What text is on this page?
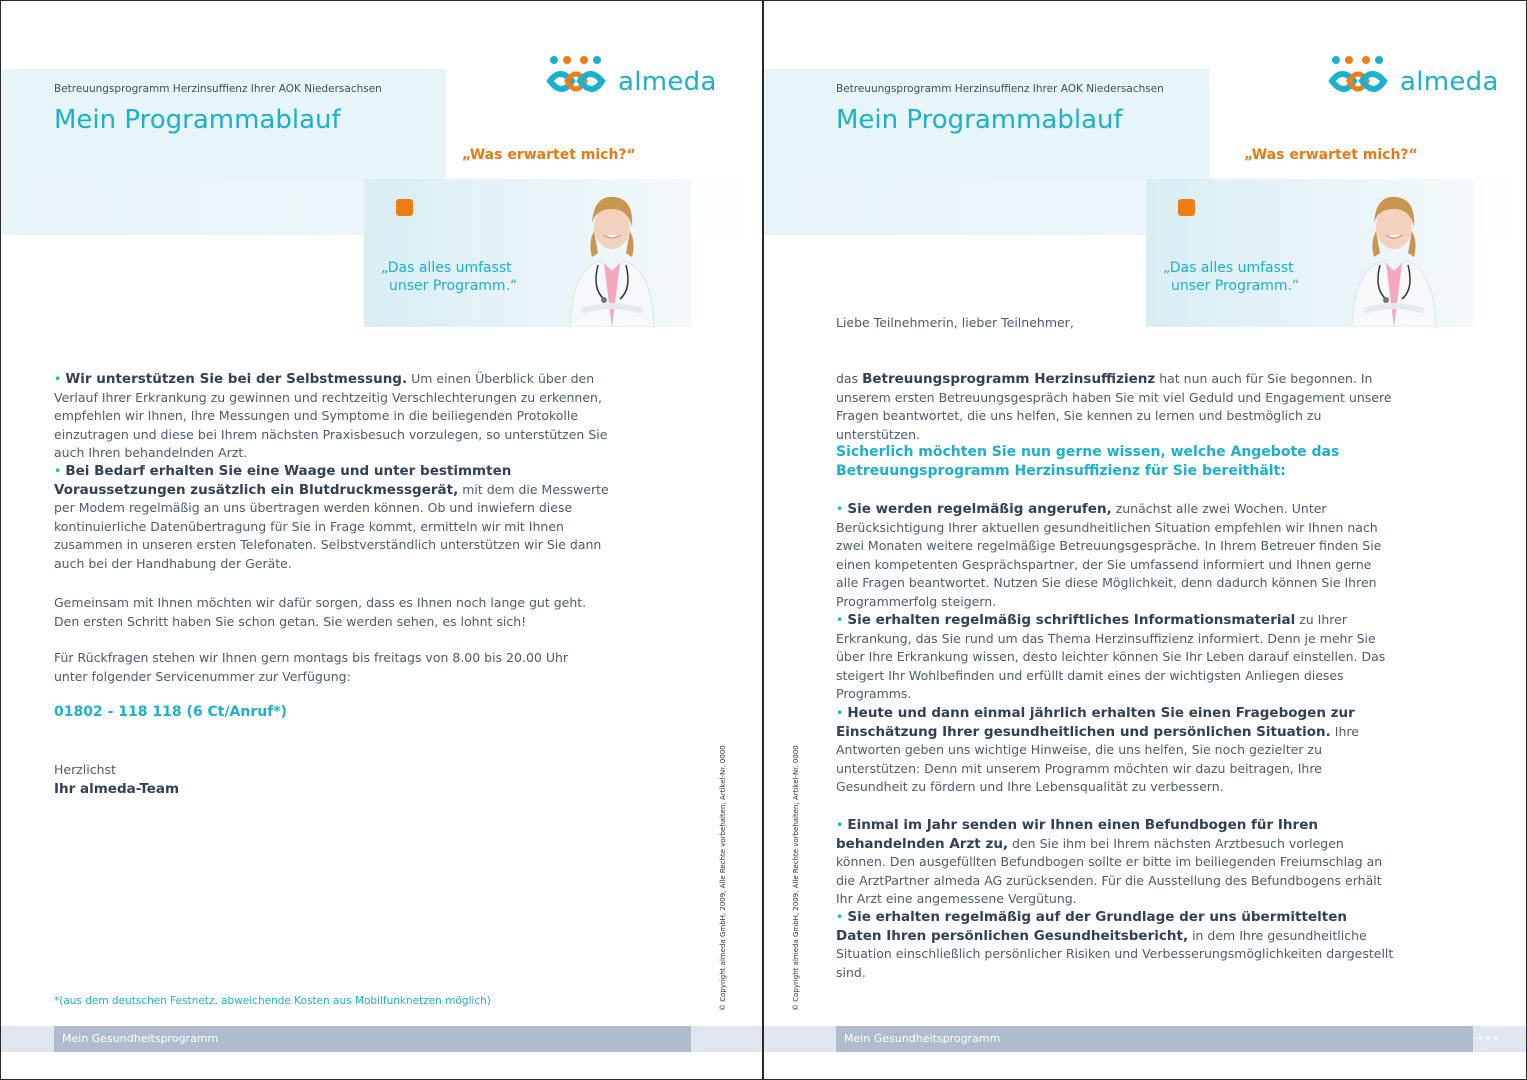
Betreuungsprogramm Herzinsuffienz Ihrer AOK Niedersachsen
Mein Programmablauf
almeda
„Was erwartet mich?“
„Das alles umfasst
unser Programm.“
• Wir unterstützen Sie bei der Selbstmessung. Um einen Überblick über den Verlauf Ihrer Erkrankung zu gewinnen und rechtzeitig Verschlechterungen zu erkennen, empfehlen wir Ihnen, Ihre Messungen und Symptome in die beiliegenden Protokolle einzutragen und diese bei Ihrem nächsten Praxisbesuch vorzulegen, so unterstützen Sie auch Ihren behandelnden Arzt.
• Bei Bedarf erhalten Sie eine Waage und unter bestimmten Voraussetzungen zusätzlich ein Blutdruckmessgerät, mit dem die Messwerte per Modem regelmäßig an uns übertragen werden können. Ob und inwiefern diese kontinuierliche Datenübertragung für Sie in Frage kommt, ermitteln wir mit Ihnen zusammen in unseren ersten Telefonaten. Selbstverständlich unterstützen wir Sie dann auch bei der Handhabung der Geräte.
Gemeinsam mit Ihnen möchten wir dafür sorgen, dass es Ihnen noch lange gut geht.
Den ersten Schritt haben Sie schon getan. Sie werden sehen, es lohnt sich!
Für Rückfragen stehen wir Ihnen gern montags bis freitags von 8.00 bis 20.00 Uhr
unter folgender Servicenummer zur Verfügung:
01802 - 118 118 (6 Ct/Anruf*)
Herzlichst
Ihr almeda-Team
*(aus dem deutschen Festnetz, abweichende Kosten aus Mobilfunknetzen möglich)	© Copyright almeda GmbH, 2009, Alle Rechte vorbehalten; Artikel-Nr. 0000
Mein Gesundheitsprogramm
Betreuungsprogramm Herzinsuffienz Ihrer AOK Niedersachsen
Mein Programmablauf
almeda
„Was erwartet mich?“
„Das alles umfasst
unser Programm.“
Liebe Teilnehmerin, lieber Teilnehmer,
das Betreuungsprogramm Herzinsuffizienz hat nun auch für Sie begonnen. In unserem ersten Betreuungsgespräch haben Sie mit viel Geduld und Engagement unsere Fragen beantwortet, die uns helfen, Sie kennen zu lernen und bestmöglich zu unterstützen.
Sicherlich möchten Sie nun gerne wissen, welche Angebote das Betreuungsprogramm Herzinsuffizienz für Sie bereithält:
• Sie werden regelmäßig angerufen, zunächst alle zwei Wochen. Unter Berücksichtigung Ihrer aktuellen gesundheitlichen Situation empfehlen wir Ihnen nach zwei Monaten weitere regelmäßige Betreuungsgespräche. In Ihrem Betreuer finden Sie einen kompetenten Gesprächspartner, der Sie umfassend informiert und Ihnen gerne alle Fragen beantwortet. Nutzen Sie diese Möglichkeit, denn dadurch können Sie Ihren Programmerfolg steigern.
• Sie erhalten regelmäßig schriftliches Informationsmaterial zu Ihrer Erkrankung, das Sie rund um das Thema Herzinsuffizienz informiert. Denn je mehr Sie über Ihre Erkrankung wissen, desto leichter können Sie Ihr Leben darauf einstellen. Das steigert Ihr Wohlbefinden und erfüllt damit eines der wichtigsten Anliegen dieses Programms.
• Heute und dann einmal jährlich erhalten Sie einen Fragebogen zur Einschätzung Ihrer gesundheitlichen und persönlichen Situation. Ihre Antworten geben uns wichtige Hinweise, die uns helfen, Sie noch gezielter zu unterstützen: Denn mit unserem Programm möchten wir dazu beitragen, Ihre Gesundheit zu fördern und Ihre Lebensqualität zu verbessern.
• Einmal im Jahr senden wir Ihnen einen Befundbogen für Ihren behandelnden Arzt zu, den Sie ihm bei Ihrem nächsten Arztbesuch vorlegen können. Den ausgefüllten Befundbogen sollte er bitte im beiliegenden Freiumschlag an die ArztPartner almeda AG zurücksenden. Für die Ausstellung des Befundbogens erhält Ihr Arzt eine angemessene Vergütung.
• Sie erhalten regelmäßig auf der Grundlage der uns übermittelten Daten Ihren persönlichen Gesundheitsbericht, in dem Ihre gesundheitliche Situation einschließlich persönlicher Risiken und Verbesserungsmöglichkeiten dargestellt sind.
© Copyright almeda GmbH, 2009, Alle Rechte vorbehalten; Artikel-Nr. 0000
Mein Gesundheitsprogramm	•••
